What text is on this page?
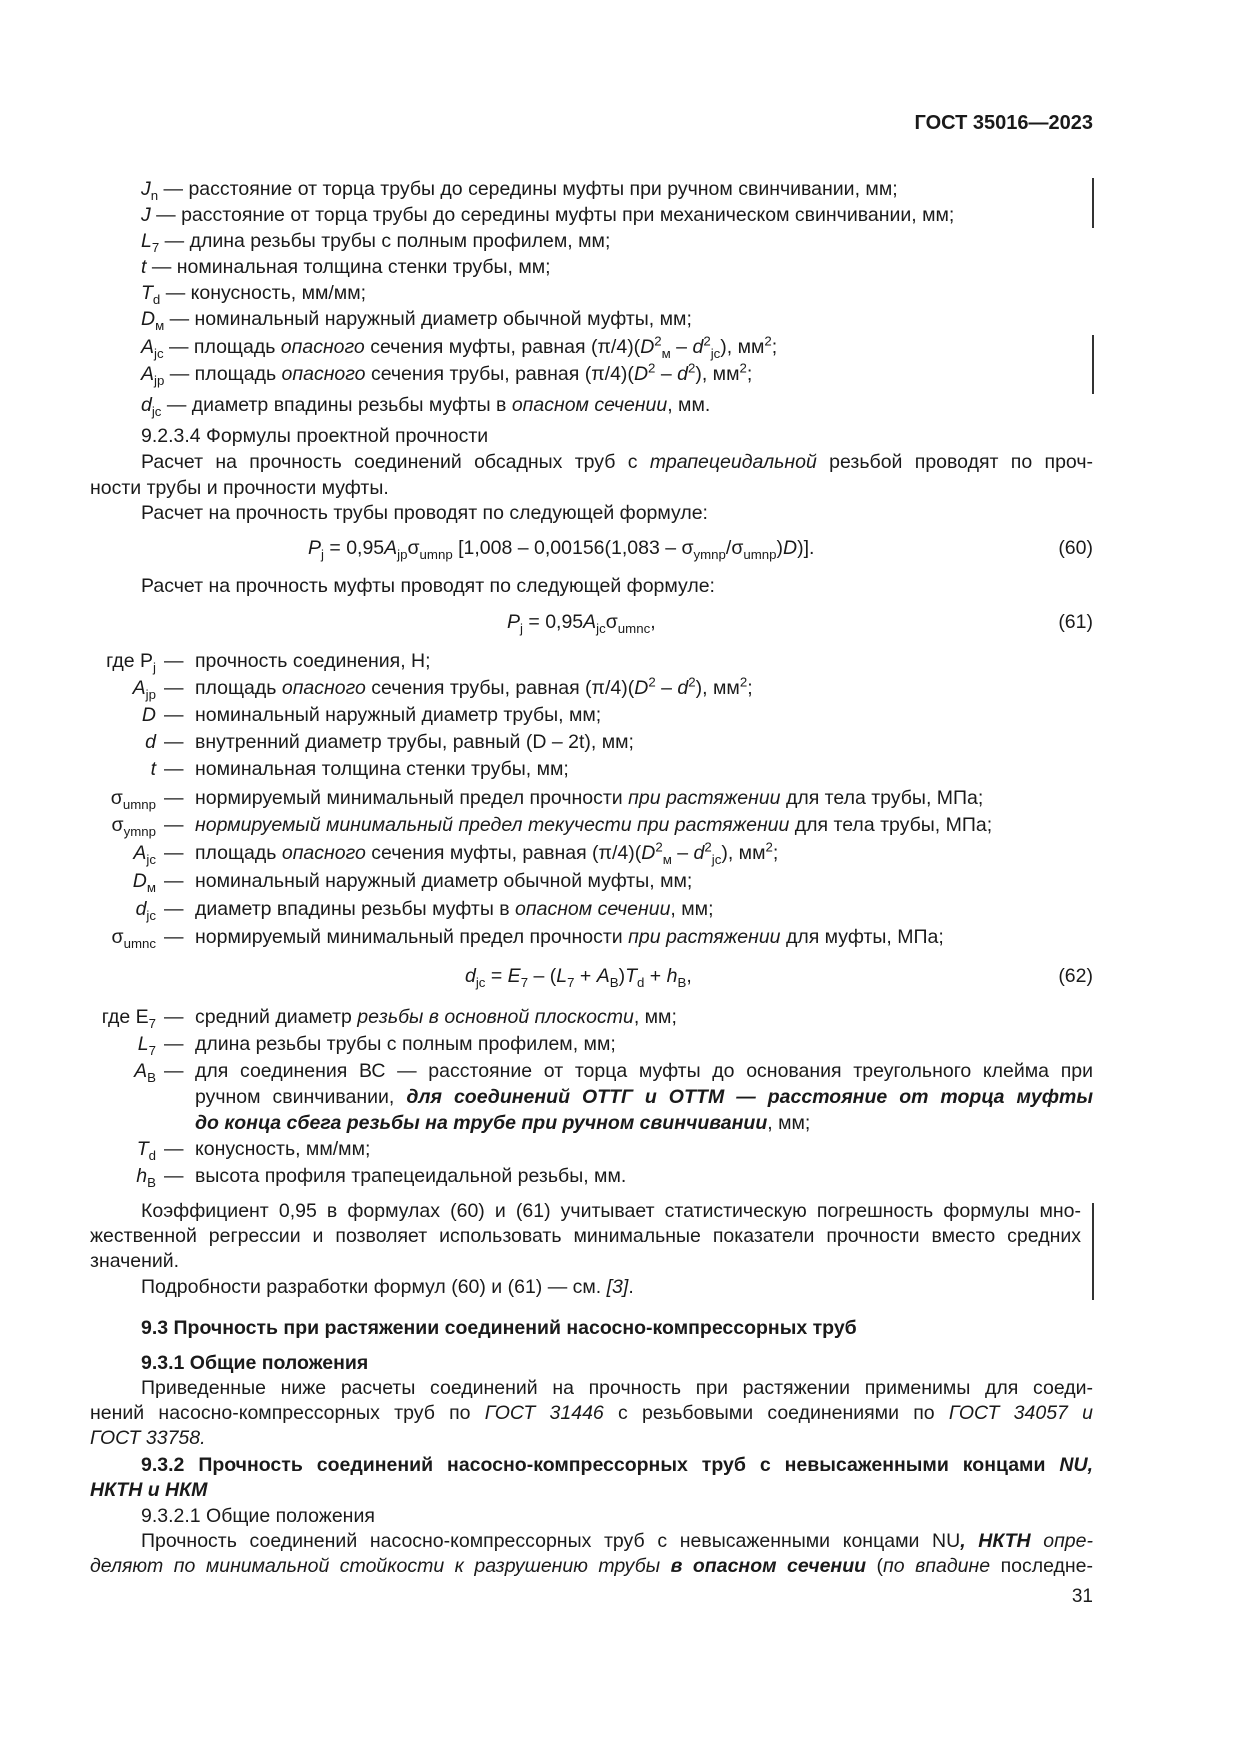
ГОСТ 35016—2023
$J_n$ — расстояние от торца трубы до середины муфты при ручном свинчивании, мм;
J — расстояние от торца трубы до середины муфты при механическом свинчивании, мм;
$L_7$ — длина резьбы трубы с полным профилем, мм;
t — номинальная толщина стенки трубы, мм;
$T_d$ — конусность, мм/мм;
$D_м$ — номинальный наружный диаметр обычной муфты, мм;
$A_{jc}$ — площадь опасного сечения муфты, равная $(\pi/4)(D^2_м - d^2_{jc})$, $мм^2$;
$A_{jp}$ — площадь опасного сечения трубы, равная $(\pi/4)(D^2 - d^2)$, $мм^2$;
$d_{jc}$ — диаметр впадины резьбы муфты в опасном сечении, мм.
9.2.3.4 Формулы проектной прочности
Расчет на прочность соединений обсадных труб с трапецеидальной резьбой проводят по проч-
ности трубы и прочности муфты.
Расчет на прочность трубы проводят по следующей формуле:
$P_j = 0,95A_{jp}\sigma_{umnp}$ $[1,008 - 0,00156(1,083 - \sigma_{ymnp}/\sigma_{umnp})D)$].	(60)
Расчет на прочность муфты проводят по следующей формуле:
$P_j = 0,95A_{jc}\sigma_{umnc}$,	(61)
где $P_j$ — прочность соединения, Н;
$A_{jp}$ — площадь опасного сечения трубы, равная $(\pi/4)(D^2 - d^2)$, $мм^2$;
D — номинальный наружный диаметр трубы, мм;
d — внутренний диаметр трубы, равный (D – 2t), мм;
t — номинальная толщина стенки трубы, мм;
$\sigma_{umnp}$ — нормируемый минимальный предел прочности при растяжении для тела трубы, МПа;
$\sigma_{ymnp}$ — нормируемый минимальный предел текучести при растяжении для тела трубы, МПа;
$A_{jc}$ — площадь опасного сечения муфты, равная $(\pi/4)(D^2_м - d^2_{jc})$, $мм^2$;
$D_м$ — номинальный наружный диаметр обычной муфты, мм;
$d_{jc}$ — диаметр впадины резьбы муфты в опасном сечении, мм;
$\sigma_{umnc}$ — нормируемый минимальный предел прочности при растяжении для муфты, МПа;
$d_{jc} = E_7 - (L_7 + A_B)T_d + h_B$,	(62)
где $E_7$ — средний диаметр резьбы в основной плоскости, мм;
$L_7$ — длина резьбы трубы с полным профилем, мм;
$A_B$ — для соединения ВС — расстояние от торца муфты до основания треугольного клейма при
ручном свинчивании, для соединений ОТТГ и ОТТМ — расстояние от торца муфты
до конца сбега резьбы на трубе при ручном свинчивании, мм;
$T_d$ — конусность, мм/мм;
$h_B$ — высота профиля трапецеидальной резьбы, мм.
Коэффициент 0,95 в формулах (60) и (61) учитывает статистическую погрешность формулы мно-
жественной регрессии и позволяет использовать минимальные показатели прочности вместо средних
значений.
Подробности разработки формул (60) и (61) — см. [3].
9.3 Прочность при растяжении соединений насосно-компрессорных труб
9.3.1 Общие положения
Приведенные ниже расчеты соединений на прочность при растяжении применимы для соеди-
нений насосно-компрессорных труб по ГОСТ 31446 с резьбовыми соединениями по ГОСТ 34057 и
ГОСТ 33758.
9.3.2 Прочность соединений насосно-компрессорных труб с невысаженными концами NU,
НКТН и НКМ
9.3.2.1 Общие положения
Прочность соединений насосно-компрессорных труб с невысаженными концами NU, НКТН опре-
деляют по минимальной стойкости к разрушению трубы в опасном сечении (по впадине последне-
31
